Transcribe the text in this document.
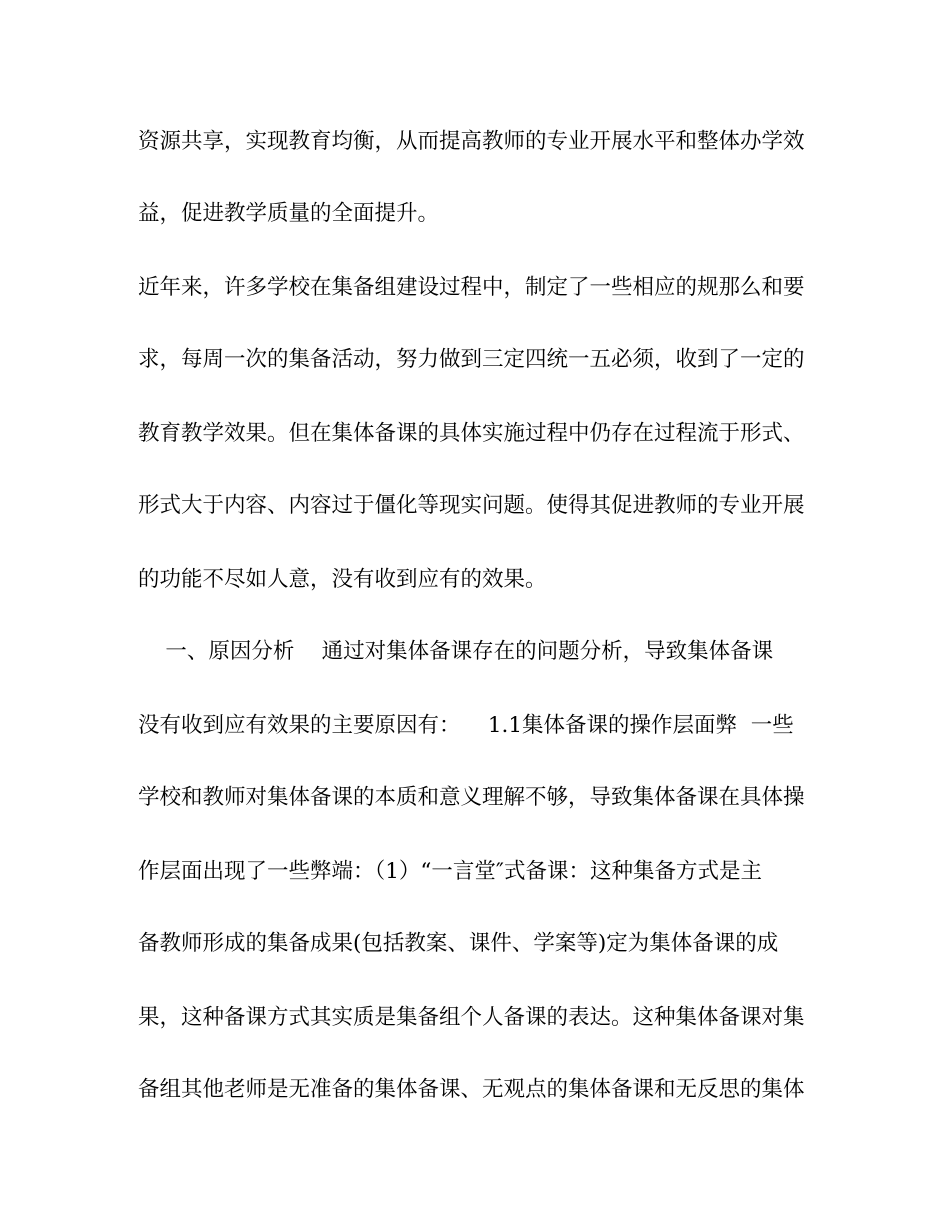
资源共享，实现教育均衡，从而提高教师的专业开展水平和整体办学效
益，促进教学质量的全面提升。
近年来，许多学校在集备组建设过程中，制定了一些相应的规那么和要
求，每周一次的集备活动，努力做到三定四统一五必须，收到了一定的
教育教学效果。但在集体备课的具体实施过程中仍存在过程流于形式、
形式大于内容、内容过于僵化等现实问题。使得其促进教师的专业开展
的功能不尽如人意，没有收到应有的效果。
一、原因分析    通过对集体备课存在的问题分析，导致集体备课
没有收到应有效果的主要原因有：    1.1集体备课的操作层面弊  一些
学校和教师对集体备课的本质和意义理解不够，导致集体备课在具体操
作层面出现了一些弊端：（1）“一言堂″式备课：这种集备方式是主
备教师形成的集备成果(包括教案、课件、学案等)定为集体备课的成
果，这种备课方式其实质是集备组个人备课的表达。这种集体备课对集
备组其他老师是无准备的集体备课、无观点的集体备课和无反思的集体
